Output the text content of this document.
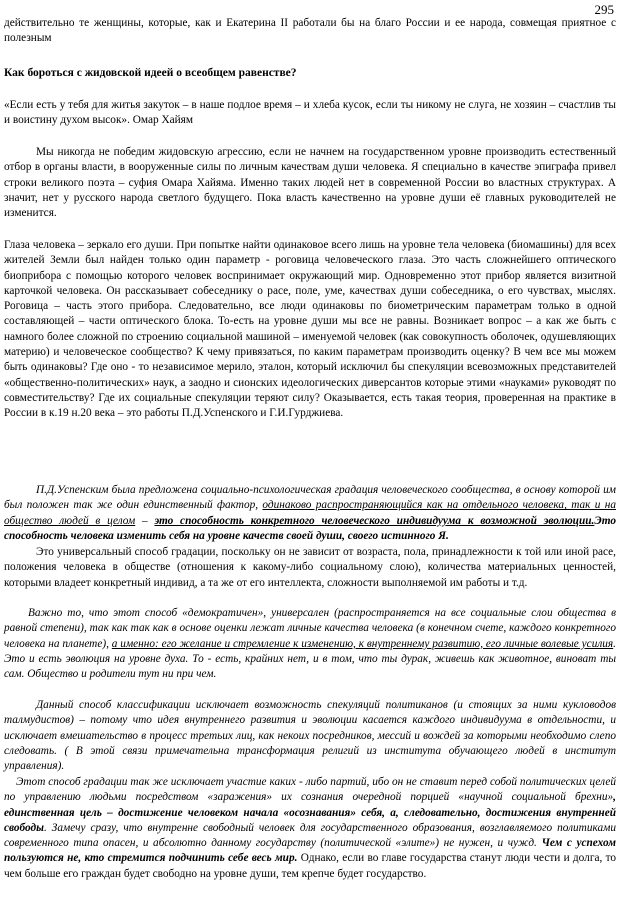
295

действительно те женщины, которые, как и Екатерина II работали бы на благо России и ее народа, совмещая приятное с полезным

Как бороться с жидовской идеей о всеобщем равенстве?

«Если есть у тебя для житья закуток – в наше подлое время – и хлеба кусок, если ты никому не слуга, не хозяин – счастлив ты и воистину духом высок». Омар Хайям

Мы никогда не победим жидовскую агрессию, если не начнем на государственном уровне производить естественный отбор в органы власти, в вооруженные силы по личным качествам души человека. Я специально в качестве эпиграфа привел строки великого поэта – суфия Омара Хайяма. Именно таких людей нет в современной России во властных структурах. А значит, нет у русского народа светлого будущего. Пока власть качественно на уровне души её главных руководителей не изменится.

Глаза человека – зеркало его души. При попытке найти одинаковое всего лишь на уровне тела человека (биомашины) для всех жителей Земли был найден только один параметр - роговица человеческого глаза. Это часть сложнейшего оптического биоприбора с помощью которого человек воспринимает окружающий мир. Одновременно этот прибор является визитной карточкой человека. Он рассказывает собеседнику о расе, поле, уме, качествах души собеседника, о его чувствах, мыслях. Роговица – часть этого прибора. Следовательно, все люди одинаковы по биометрическим параметрам только в одной составляющей – части оптического блока. То-есть на уровне души мы все не равны. Возникает вопрос – а как же быть с намного более сложной по строению социальной машиной – именуемой человек (как совокупность оболочек, одушевляющих материю) и человеческое сообщество? К чему привязаться, по каким параметрам производить оценку? В чем все мы можем быть одинаковы? Где оно - то независимое мерило, эталон, который исключил бы спекуляции всевозможных представителей «общественно-политических» наук, а заодно и сионских идеологических диверсантов которые этими «науками» руководят по совместительству? Где их социальные спекуляции теряют силу? Оказывается, есть такая теория, проверенная на практике в России в к.19 н.20 века – это работы П.Д.Успенского и Г.И.Гурджиева.

П.Д.Успенским была предложена социально-психологическая градация человеческого сообщества, в основу которой им был положен так же один единственный фактор, одинаково распространяющийся как на отдельного человека, так и на общество людей в целом – это способность конкретного человеческого индивидуума к возможной эволюции.Это способность человека изменить себя на уровне качеств своей души, своего истинного Я.

Это универсальный способ градации, поскольку он не зависит от возраста, пола, принадлежности к той или иной расе, положения человека в обществе (отношения к какому-либо социальному слою), количества материальных ценностей, которыми владеет конкретный индивид, а та же от его интеллекта, сложности выполняемой им работы и т.д.

Важно то, что этот способ «демократичен», универсален (распространяется на все социальные слои общества в равной степени), так как так как в основе оценки лежат личные качества человека (в конечном счете, каждого конкретного человека на планете), а именно: его желание и стремление к изменению, к внутреннему развитию, его личные волевые усилия. Это и есть эволюция на уровне духа. То - есть, крайних нет, и в том, что ты дурак, живешь как животное, виноват ты сам. Общество и родители тут ни при чем.

Данный способ классификации исключает возможность спекуляций политиканов (и стоящих за ними кукловодов талмудистов) – потому что идея внутреннего развития и эволюции касается каждого индивидуума в отдельности, и исключает вмешательство в процесс третьих лиц, как некоих посредников, мессий и вождей за которыми необходимо слепо следовать. ( В этой связи примечательна трансформация религий из института обучающего людей в институт управления).

Этот способ градации так же исключает участие каких - либо партий, ибо он не ставит перед собой политических целей по управлению людьми посредством «заражения» их сознания очередной порцией «научной социальной брехни», единственная цель – достижение человеком начала «осознавания» себя, а, следовательно, достижения внутренней свободы. Замечу сразу, что внутренне свободный человек для государственного образования, возглавляемого политиками современного типа опасен, и абсолютно данному государству (политической «элите») не нужен, и чужд. Чем с успехом пользуются не, кто стремится подчинить себе весь мир. Однако, если во главе государства станут люди чести и долга, то чем больше его граждан будет свободно на уровне души, тем крепче будет государство.
